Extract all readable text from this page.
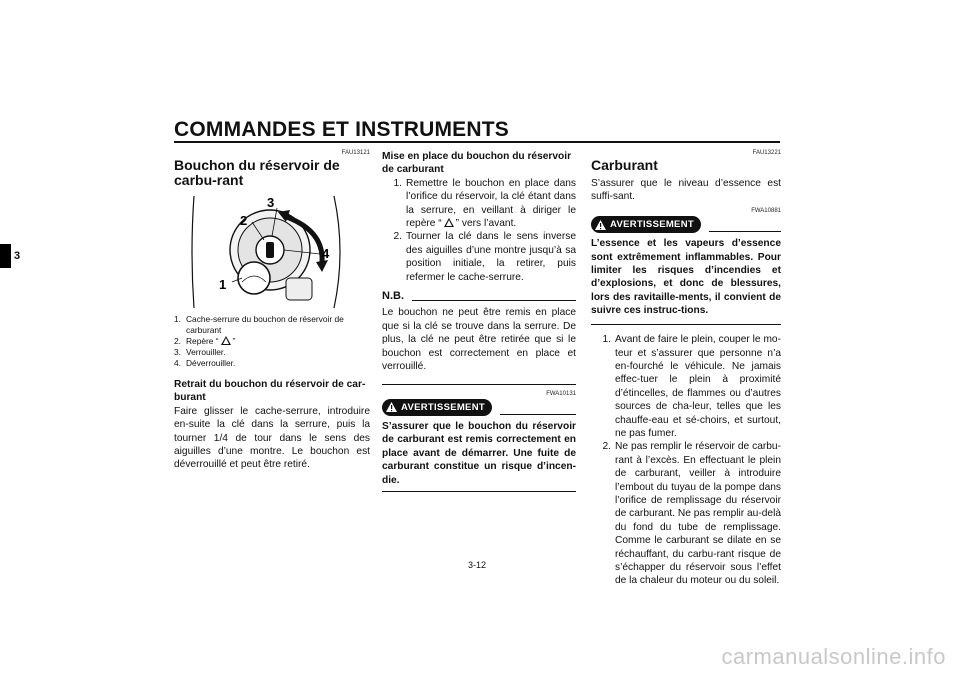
COMMANDES ET INSTRUMENTS
3
FAU13121
Bouchon du réservoir de carbu-rant
3
2
4
1
1. Cache-serrure du bouchon de réservoir de carburant
2. Repère “ ”
3. Verrouiller.
4. Déverrouiller.
Retrait du bouchon du réservoir de car-burant

Faire glisser le cache-serrure, introduire en-suite la clé dans la serrure, puis la tourner 1/4 de tour dans le sens des aiguilles d’une montre. Le bouchon est déverrouillé et peut être retiré.

Mise en place du bouchon du réservoir de carburant
1. Remettre le bouchon en place dans l’orifice du réservoir, la clé étant dans la serrure, en veillant à diriger le repère “ ” vers l’avant.
2. Tourner la clé dans le sens inverse des aiguilles d’une montre jusqu’à sa position initiale, la retirer, puis refermer le cache-serrure.
N.B.

Le bouchon ne peut être remis en place que si la clé se trouve dans la serrure. De plus, la clé ne peut être retirée que si le bouchon est correctement en place et verrouillé.

FWA10131
AVERTISSEMENT
S’assurer que le bouchon du réservoir de carburant est remis correctement en place avant de démarrer. Une fuite de carburant constitue un risque d’incen-die.
FAU13221
Carburant

S’assurer que le niveau d’essence est suffi-sant.

FWA10881
AVERTISSEMENT
L’essence et les vapeurs d’essence sont extrêmement inflammables. Pour limiter les risques d’incendies et d’explosions, et donc de blessures, lors des ravitaille-ments, il convient de suivre ces instruc-tions.
1. Avant de faire le plein, couper le mo-teur et s’assurer que personne n’a en-fourché le véhicule. Ne jamais effec-tuer le plein à proximité d’étincelles, de flammes ou d’autres sources de cha-leur, telles que les chauffe-eau et sé-choirs, et surtout, ne pas fumer.
2. Ne pas remplir le réservoir de carbu-rant à l’excès. En effectuant le plein de carburant, veiller à introduire l’embout du tuyau de la pompe dans l’orifice de remplissage du réservoir de carburant. Ne pas remplir au-delà du fond du tube de remplissage. Comme le carburant se dilate en se réchauffant, du carbu-rant risque de s’échapper du réservoir sous l’effet de la chaleur du moteur ou du soleil.
3-12
carmanualsonline.info
